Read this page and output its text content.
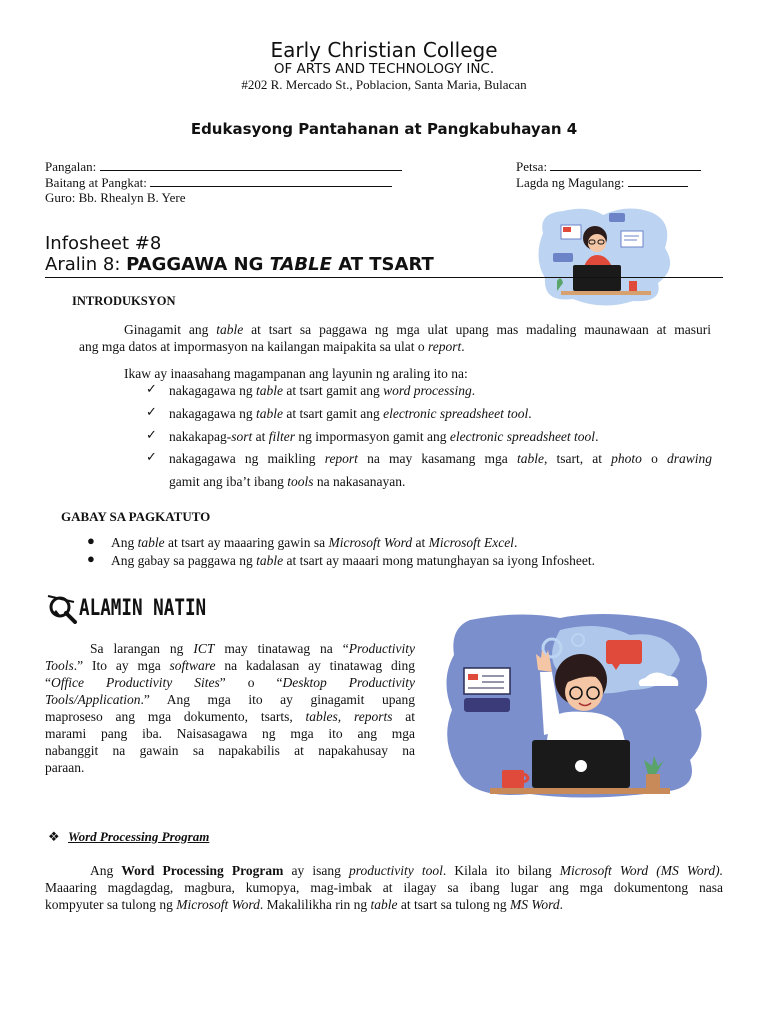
Early Christian College
OF ARTS AND TECHNOLOGY INC.
#202 R. Mercado St., Poblacion, Santa Maria, Bulacan
Edukasyong Pantahanan at Pangkabuhayan 4
Pangalan:
Baitang at Pangkat:
Guro: Bb. Rhealyn B. Yere
Petsa:
Lagda ng Magulang:
Infosheet #8
Aralin 8: PAGGAWA NG TABLE AT TSART
INTRODUKSYON
Ginagamit ang table at tsart sa paggawa ng mga ulat upang mas madaling maunawaan at masuri
ang mga datos at impormasyon na kailangan maipakita sa ulat o report.
Ikaw ay inaasahang magampanan ang layunin ng araling ito na:
✓ nakagagawa ng table at tsart gamit ang word processing.
✓ nakagagawa ng table at tsart gamit ang electronic spreadsheet tool.
✓ nakakapag-sort at filter ng impormasyon gamit ang electronic spreadsheet tool.
✓ nakagagawa ng maikling report na may kasamang mga table, tsart, at photo o drawing
gamit ang iba’t ibang tools na nakasanayan.
GABAY SA PAGKATUTO
● Ang table at tsart ay maaaring gawin sa Microsoft Word at Microsoft Excel.
● Ang gabay sa paggawa ng table at tsart ay maaari mong matunghayan sa iyong Infosheet.
ALAMIN NATIN
Sa larangan ng ICT may tinatawag na “Productivity
Tools.” Ito ay mga software na kadalasan ay tinatawag ding
“Office Productivity Sites” o “Desktop Productivity
Tools/Application.” Ang mga ito ay ginagamit upang
maproseso ang mga dokumento, tsarts, tables, reports at
marami pang iba. Naisasagawa ng mga ito ang mga
nabanggit na gawain sa napakabilis at napakahusay na
paraan.
❖ Word Processing Program
Ang Word Processing Program ay isang productivity tool. Kilala ito bilang Microsoft Word (MS Word).
Maaaring magdagdag, magbura, kumopya, mag-imbak at ilagay sa ibang lugar ang mga dokumentong nasa
kompyuter sa tulong ng Microsoft Word. Makalilikha rin ng table at tsart sa tulong ng MS Word.
